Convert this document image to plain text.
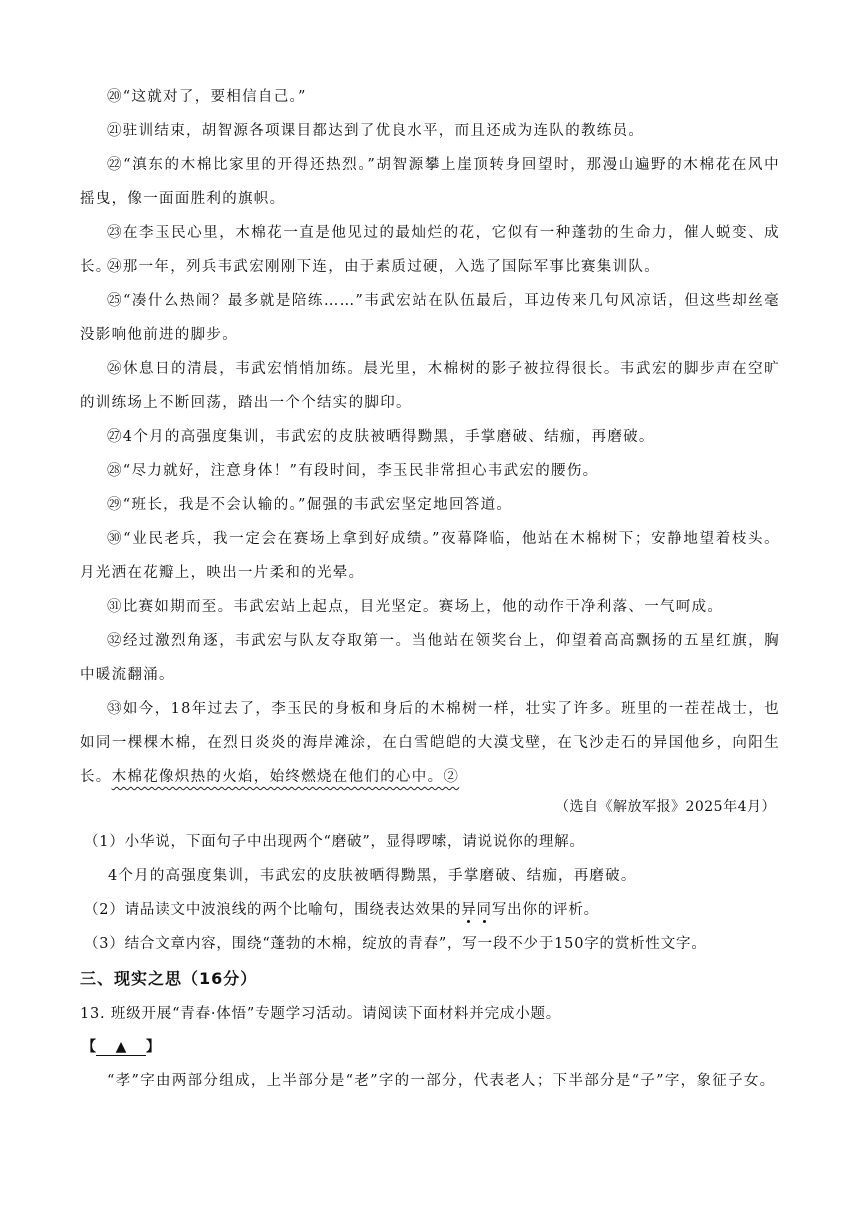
⑳“这就对了，要相信自己。”
㉑驻训结束，胡智源各项课目都达到了优良水平，而且还成为连队的教练员。
㉒“滇东的木棉比家里的开得还热烈。”胡智源攀上崖顶转身回望时，那漫山遍野的木棉花在风中摇曳，像一面面胜利的旗帜。
㉓在李玉民心里，木棉花一直是他见过的最灿烂的花，它似有一种蓬勃的生命力，催人蜕变、成长。
㉔那一年，列兵韦武宏刚刚下连，由于素质过硬，入选了国际军事比赛集训队。
㉕“凑什么热闹？最多就是陪练……”韦武宏站在队伍最后，耳边传来几句风凉话，但这些却丝毫没影响他前进的脚步。
㉖休息日的清晨，韦武宏悄悄加练。晨光里，木棉树的影子被拉得很长。韦武宏的脚步声在空旷的训练场上不断回荡，踏出一个个结实的脚印。
㉗4个月的高强度集训，韦武宏的皮肤被晒得黝黑，手掌磨破、结痂，再磨破。
㉘“尽力就好，注意身体！”有段时间，李玉民非常担心韦武宏的腰伤。
㉙“班长，我是不会认输的。”倔强的韦武宏坚定地回答道。
㉚“业民老兵，我一定会在赛场上拿到好成绩。”夜幕降临，他站在木棉树下；安静地望着枝头。月光洒在花瓣上，映出一片柔和的光晕。
㉛比赛如期而至。韦武宏站上起点，目光坚定。赛场上，他的动作干净利落、一气呵成。
㉜经过激烈角逐，韦武宏与队友夺取第一。当他站在领奖台上，仰望着高高飘扬的五星红旗，胸中暖流翻涌。
㉝如今，18年过去了，李玉民的身板和身后的木棉树一样，壮实了许多。班里的一茬茬战士，也如同一棵棵木棉，在烈日炎炎的海岸滩涂，在白雪皑皑的大漠戈壁，在飞沙走石的异国他乡，向阳生长。木棉花像炽热的火焰，始终燃烧在他们的心中。②
（选自《解放军报》2025年4月）
（1）小华说，下面句子中出现两个“磨破”，显得啰嗦，请说说你的理解。
4个月的高强度集训，韦武宏的皮肤被晒得黝黑，手掌磨破、结痂，再磨破。
（2）请品读文中波浪线的两个比喻句，围绕表达效果的异同写出你的评析。
（3）结合文章内容，围绕“蓬勃的木棉，绽放的青春”，写一段不少于150字的赏析性文字。
三、现实之思（16分）
13. 班级开展“青春·体悟”专题学习活动。请阅读下面材料并完成小题。
【 ▲ 】
“孝”字由两部分组成，上半部分是“老”字的一部分，代表老人；下半部分是“子”字，象征子女。
